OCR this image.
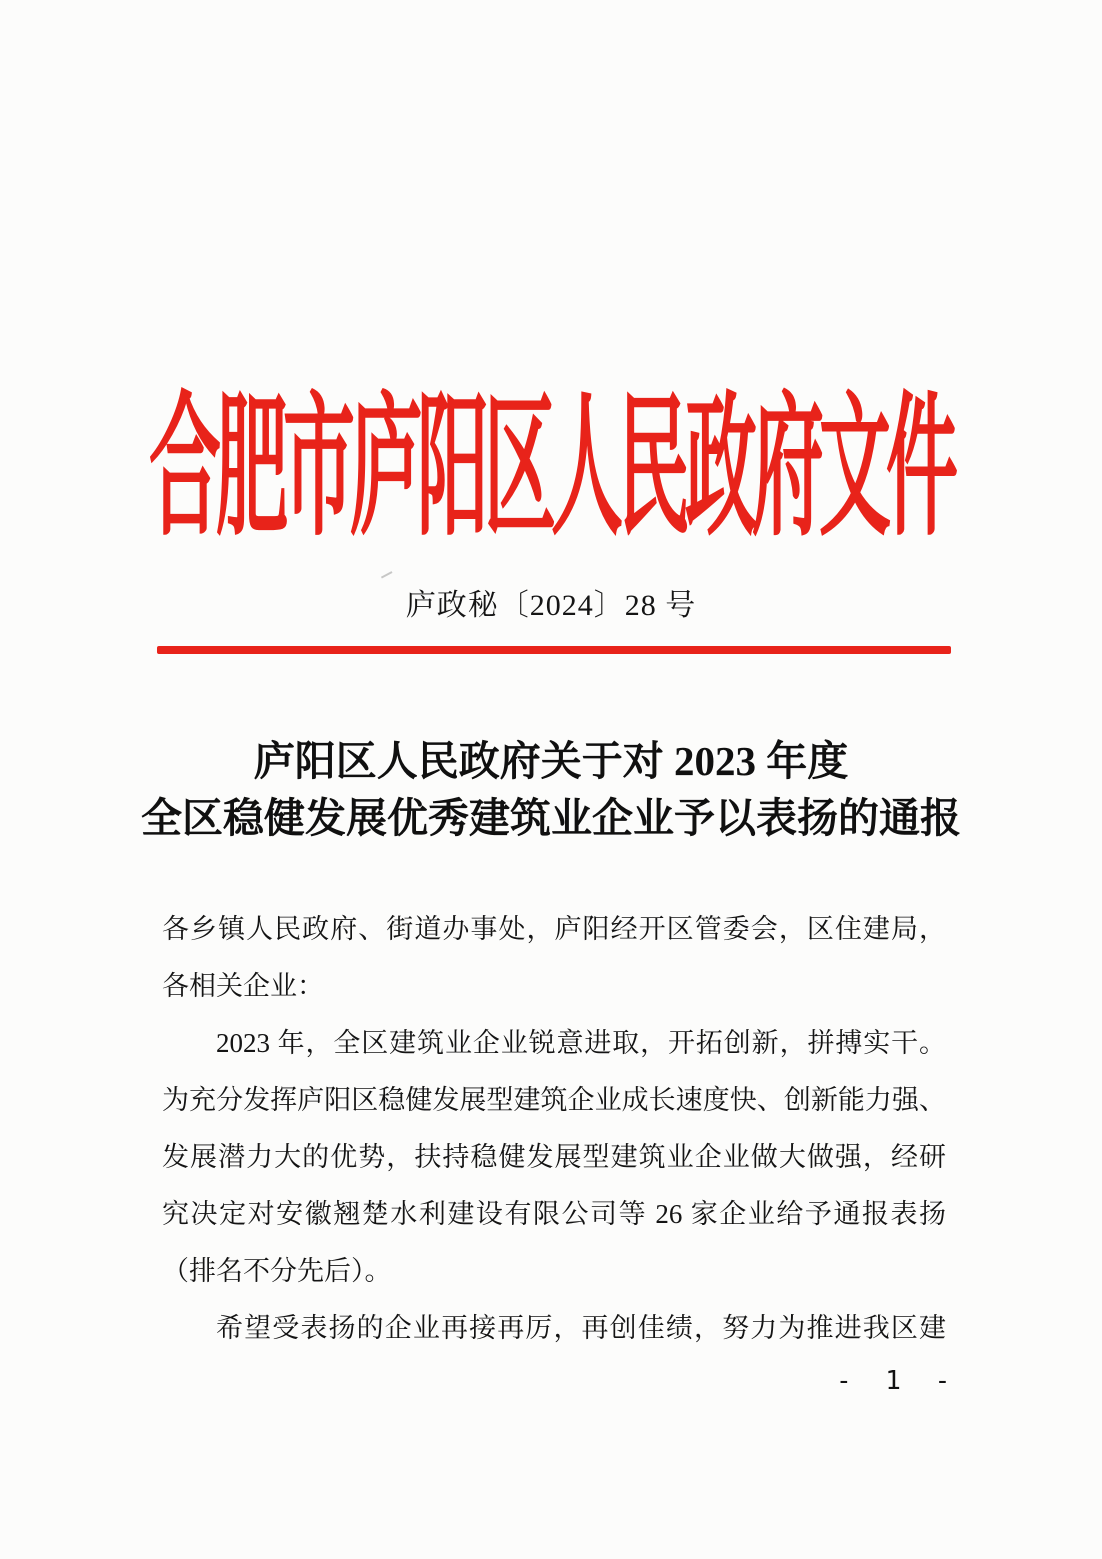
合肥市庐阳区人民政府文件
庐政秘〔2024〕28 号
庐阳区人民政府关于对 2023 年度
全区稳健发展优秀建筑业企业予以表扬的通报
各乡镇人民政府、街道办事处，庐阳经开区管委会，区住建局，
各相关企业：
2023 年，全区建筑业企业锐意进取，开拓创新，拼搏实干。
为充分发挥庐阳区稳健发展型建筑企业成长速度快、创新能力强、
发展潜力大的优势，扶持稳健发展型建筑业企业做大做强，经研
究决定对安徽翘楚水利建设有限公司等 26 家企业给予通报表扬
（排名不分先后）。
希望受表扬的企业再接再厉，再创佳绩，努力为推进我区建
- 1 -
